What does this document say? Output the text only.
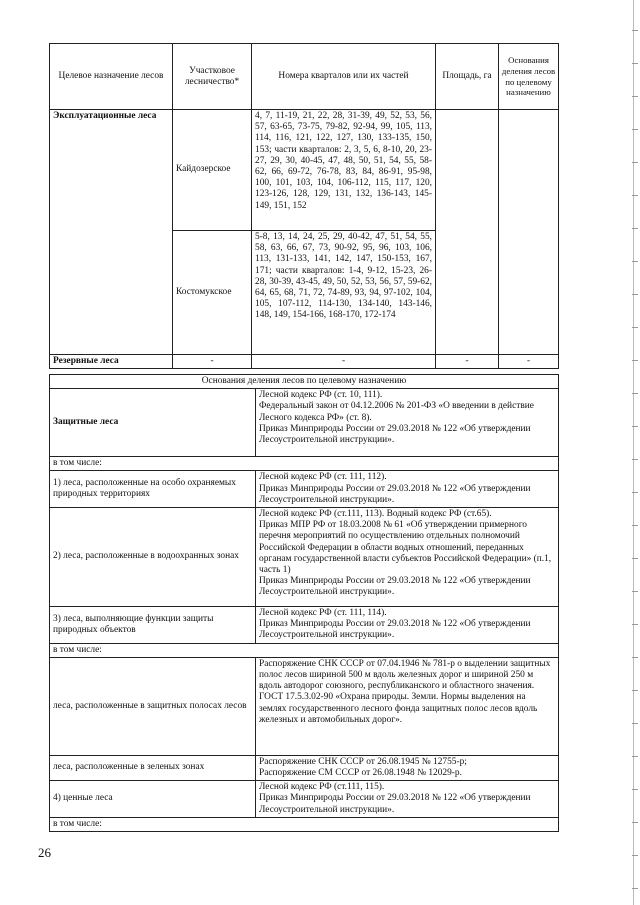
Целевое назначение лесов	Участковое лесничество*	Номера кварталов или их частей	Площадь, га	Основания деления лесов по целевому назначению
Эксплуатационные леса	Кайдозерское	4, 7, 11-19, 21, 22, 28, 31-39, 49, 52, 53, 56, 57, 63-65, 73-75, 79-82, 92-94, 99, 105, 113, 114, 116, 121, 122, 127, 130, 133-135, 150, 153; части кварталов: 2, 3, 5, 6, 8-10, 20, 23-27, 29, 30, 40-45, 47, 48, 50, 51, 54, 55, 58-62, 66, 69-72, 76-78, 83, 84, 86-91, 95-98, 100, 101, 103, 104, 106-112, 115, 117, 120, 123-126, 128, 129, 131, 132, 136-143, 145-149, 151, 152		
	Костомукское	5-8, 13, 14, 24, 25, 29, 40-42, 47, 51, 54, 55, 58, 63, 66, 67, 73, 90-92, 95, 96, 103, 106, 113, 131-133, 141, 142, 147, 150-153, 167, 171; части кварталов: 1-4, 9-12, 15-23, 26-28, 30-39, 43-45, 49, 50, 52, 53, 56, 57, 59-62, 64, 65, 68, 71, 72, 74-89, 93, 94, 97-102, 104, 105, 107-112, 114-130, 134-140, 143-146, 148, 149, 154-166, 168-170, 172-174		
Резервные леса	-	-	-	-
Основания деления лесов по целевому назначению	
Защитные леса	Лесной кодекс РФ (ст. 10, 111).
Федеральный закон от 04.12.2006 № 201-ФЗ «О введении в действие Лесного кодекса РФ» (ст. 8).
Приказ Минприроды России от 29.03.2018 № 122 «Об утверждении Лесоустроительной инструкции».

в том числе:	
1) леса, расположенные на особо охраняемых природных территориях	Лесной кодекс РФ (ст. 111, 112).
Приказ Минприроды России от 29.03.2018 № 122 «Об утверждении Лесоустроительной инструкции».

2) леса, расположенные в водоохранных зонах	Лесной кодекс РФ (ст.111, 113). Водный кодекс РФ (ст.65).
Приказ МПР РФ от 18.03.2008 № 61 «Об утверждении примерного перечня мероприятий по осуществлению отдельных полномочий Российской Федерации в области водных отношений, переданных органам государственной власти субъектов Российской Федерации» (п.1, часть 1)
Приказ Минприроды России от 29.03.2018 № 122 «Об утверждении Лесоустроительной инструкции».

3) леса, выполняющие функции защиты природных объектов	Лесной кодекс РФ (ст. 111, 114).
Приказ Минприроды России от 29.03.2018 № 122 «Об утверждении Лесоустроительной инструкции».

в том числе:	
леса, расположенные в защитных полосах лесов	Распоряжение СНК СССР от 07.04.1946 № 781-р о выделении защитных полос лесов шириной 500 м вдоль железных дорог и шириной 250 м вдоль автодорог союзного, республиканского и областного значения.
ГОСТ 17.5.3.02-90 «Охрана природы. Земли. Нормы выделения на землях государственного лесного фонда защитных полос лесов вдоль железных и автомобильных дорог».

леса, расположенные в зеленых зонах	Распоряжение СНК СССР от 26.08.1945 № 12755-р;
Распоряжение СМ СССР от 26.08.1948 № 12029-р.

4) ценные леса	Лесной кодекс РФ (ст.111, 115).
Приказ Минприроды России от 29.03.2018 № 122 «Об утверждении Лесоустроительной инструкции».

в том числе:	
26
